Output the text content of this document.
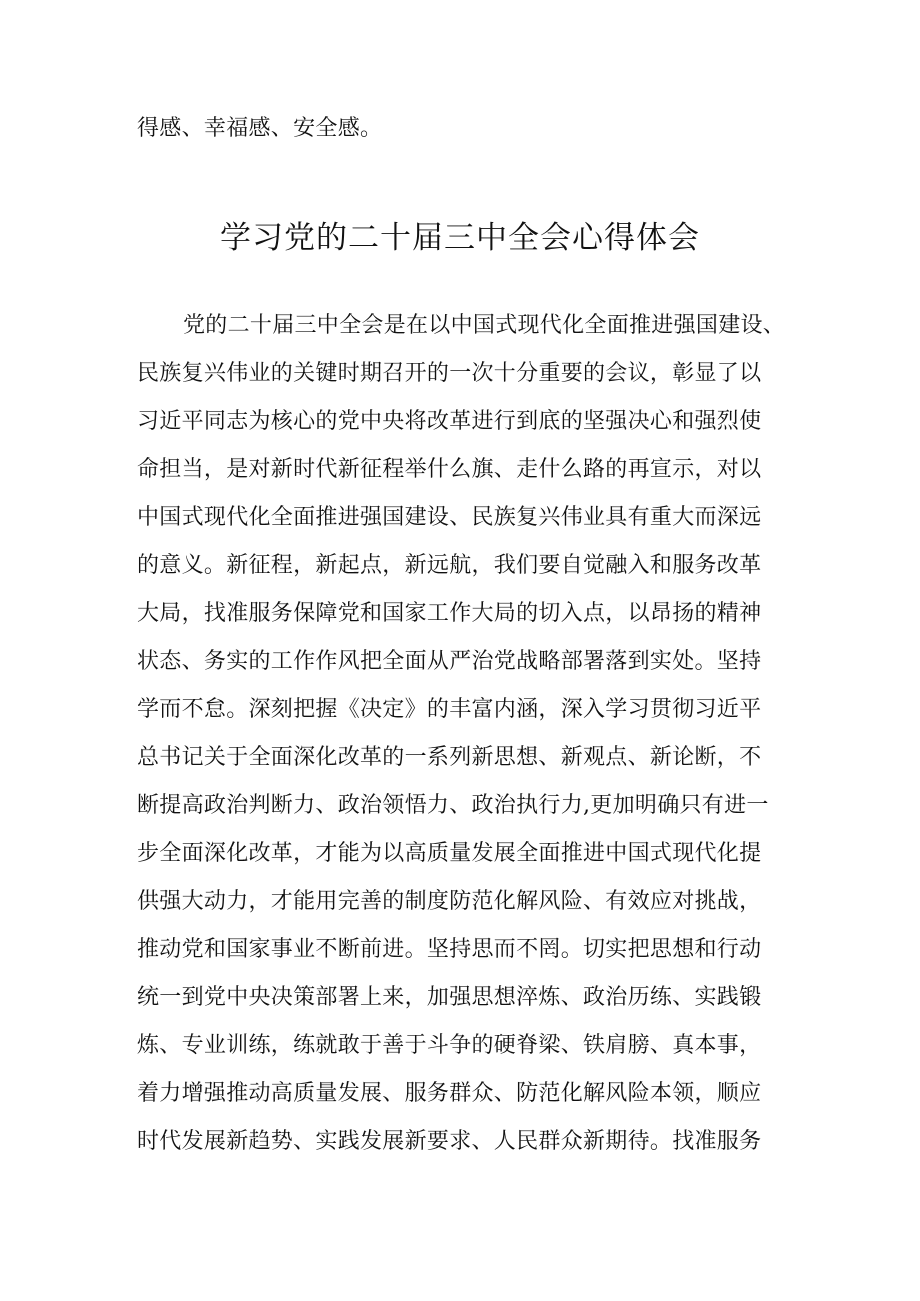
得感、幸福感、安全感。
学习党的二十届三中全会心得体会
党的二十届三中全会是在以中国式现代化全面推进强国建设、
民族复兴伟业的关键时期召开的一次十分重要的会议，彰显了以
习近平同志为核心的党中央将改革进行到底的坚强决心和强烈使
命担当，是对新时代新征程举什么旗、走什么路的再宣示，对以
中国式现代化全面推进强国建设、民族复兴伟业具有重大而深远
的意义。新征程，新起点，新远航，我们要自觉融入和服务改革
大局，找准服务保障党和国家工作大局的切入点，以昂扬的精神
状态、务实的工作作风把全面从严治党战略部署落到实处。坚持
学而不怠。深刻把握《决定》的丰富内涵，深入学习贯彻习近平
总书记关于全面深化改革的一系列新思想、新观点、新论断，不
断提高政治判断力、政治领悟力、政治执行力,更加明确只有进一
步全面深化改革，才能为以高质量发展全面推进中国式现代化提
供强大动力，才能用完善的制度防范化解风险、有效应对挑战，
推动党和国家事业不断前进。坚持思而不罔。切实把思想和行动
统一到党中央决策部署上来，加强思想淬炼、政治历练、实践锻
炼、专业训练，练就敢于善于斗争的硬脊梁、铁肩膀、真本事，
着力增强推动高质量发展、服务群众、防范化解风险本领，顺应
时代发展新趋势、实践发展新要求、人民群众新期待。找准服务
